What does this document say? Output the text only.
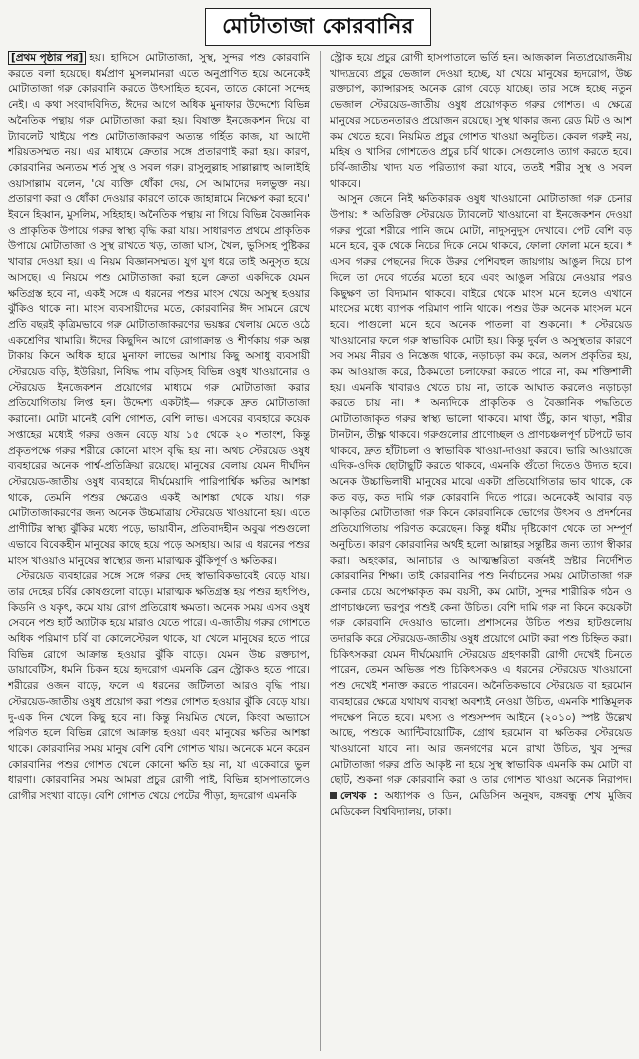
মোটাতাজা কোরবানির

[প্রথম পৃষ্ঠার পর] হয়। হাদিসে মোটাতাজা, সুস্থ, সুন্দর পশু কোরবানি করতে বলা হয়েছে। ধর্মপ্রাণ মুসলমানরা এতে অনুপ্রাণিত হয়ে অনেকেই মোটাতাজা গরু কোরবানি করতে উৎসাহিত হবেন, তাতে কোনো সন্দেহ নেই। এ কথা সংবাদবিদিত, ঈদের আগে অধিক মুনাফার উদ্দেশ্যে বিভিন্ন অনৈতিক পন্থায় গরু মোটাতাজা করা হয়। বিষাক্ত ইনজেকশন দিয়ে বা ট্যাবলেট খাইয়ে পশু মোটাতাজাকরণ অত্যন্ত গর্হিত কাজ, যা আদৌ শরিয়তসম্মত নয়। এর মাধ্যমে ক্রেতার সঙ্গে প্রতারণাই করা হয়। কারণ, কোরবানির অন্যতম শর্ত সুস্থ ও সবল গরু। রাসুলুল্লাহ সাল্লাল্লাহু আলাইহি ওয়াসাল্লাম বলেন, 'যে ব্যক্তি ধোঁকা দেয়, সে আমাদের দলভুক্ত নয়। প্রতারণা করা ও ধোঁকা দেওয়ার কারণে তাকে জাহান্নামে নিক্ষেপ করা হবে।' ইবনে হিব্বান, মুসলিম, সহিহাহ। অনৈতিক পন্থায় না গিয়ে বিভিন্ন বৈজ্ঞানিক ও প্রাকৃতিক উপায়ে গরুর স্বাস্থ্য বৃদ্ধি করা যায়। সাধারণত প্রথমে প্রাকৃতিক উপায়ে মোটাতাজা ও সুস্থ রাখতে খড়, তাজা ঘাস, খৈল, ভুসিসহ পুষ্টিকর খাবার দেওয়া হয়। এ নিয়ম বিজ্ঞানসম্মত। যুগ যুগ ধরে তাই অনুসৃত হয়ে আসছে। এ নিয়মে পশু মোটাতাজা করা হলে ক্রেতা একদিকে যেমন ক্ষতিগ্রস্ত হবে না, একই সঙ্গে এ ধরনের পশুর মাংস খেয়ে অসুস্থ হওয়ার ঝুঁকিও থাকে না। মাংস ব্যবসায়ীদের মতে, কোরবানির ঈদ সামনে রেখে প্রতি বছরই কৃত্রিমভাবে গরু মোটাতাজাকরণের ভয়ঙ্কর খেলায় মেতে ওঠে একশ্রেণির খামারি। ঈদের কিছুদিন আগে রোগাক্রান্ত ও শীর্ণকায় গরু অল্প টাকায় কিনে অধিক হারে মুনাফা লাভের আশায় কিছু অসাধু ব্যবসায়ী স্টেরয়েড বড়ি, ইউরিয়া, নিষিদ্ধ পাম বড়িসহ বিভিন্ন ওষুধ খাওয়ানোর ও স্টেরয়েড ইনজেকশন প্রয়োগের মাধ্যমে গরু মোটাতাজা করার প্রতিযোগিতায় লিপ্ত হন। উদ্দেশ্য একটাই— গরুকে দ্রুত মোটাতাজা করানো। মোটা মানেই বেশি গোশত, বেশি লাভ। এসবের ব্যবহারে কয়েক সপ্তাহের মধ্যেই গরুর ওজন বেড়ে যায় ১৫ থেকে ২০ শতাংশ, কিন্তু প্রকৃতপক্ষে গরুর শরীরে কোনো মাংস বৃদ্ধি হয় না। অথচ স্টেরয়েড ওষুধ ব্যবহারের অনেক পার্শ্ব-প্রতিক্রিয়া রয়েছে। মানুষের বেলায় যেমন দীর্ঘদিন স্টেরয়েড-জাতীয় ওষুধ ব্যবহারে দীর্ঘমেয়াদি পারিপার্শ্বিক ক্ষতির আশঙ্কা থাকে, তেমনি পশুর ক্ষেত্রেও একই আশঙ্কা থেকে যায়। গরু মোটাতাজাকরণের জন্য অনেক উচ্চমাত্রায় স্টেরয়েড খাওয়ানো হয়। এতে প্রাণীটির স্বাস্থ্য ঝুঁকির মধ্যে পড়ে, ভায়াবীন, প্রতিবাদহীন অবুঝ পশুগুলো এভাবে বিবেকহীন মানুষের কাছে হয়ে পড়ে অসহায়। আর এ ধরনের পশুর মাংস খাওয়াও মানুষের স্বাস্থ্যের জন্য মারাত্মক ঝুঁকিপূর্ণ ও ক্ষতিকর।

স্টেরয়েড ব্যবহারের সঙ্গে সঙ্গে গরুর দেহ স্বাভাবিকভাবেই বেড়ে যায়। তার দেহের চর্বির কোষগুলো বাড়ে। মারাত্মক ক্ষতিগ্রস্ত হয় পশুর হৃৎপিণ্ড, কিডনি ও যকৃৎ, কমে যায় রোগ প্রতিরোধ ক্ষমতা। অনেক সময় এসব ওষুধ সেবনে পশু হার্ট অ্যাটাক হয়ে মারাও যেতে পারে। এ-জাতীয় গরুর গোশতে অধিক পরিমাণ চর্বি বা কোলেস্টেরল থাকে, যা খেলে মানুষের হতে পারে বিভিন্ন রোগে আক্রান্ত হওয়ার ঝুঁকি বাড়ে। যেমন উচ্চ রক্তচাপ, ডায়াবেটিস, ধমনি চিকন হয়ে হৃদরোগ এমনকি ব্রেন স্ট্রোকও হতে পারে। শরীরের ওজন বাড়ে, ফলে এ ধরনের জটিলতা আরও বৃদ্ধি পায়। স্টেরয়েড-জাতীয় ওষুধ প্রয়োগ করা পশুর গোশত হওয়ার ঝুঁকি বেড়ে যায়। দু-এক দিন খেলে কিছু হবে না। কিন্তু নিয়মিত খেলে, কিংবা অভ্যাসে পরিণত হলে বিভিন্ন রোগে আক্রান্ত হওয়া এবং মানুষের ক্ষতির আশঙ্কা থাকে। কোরবানির সময় মানুষ বেশি বেশি গোশত খায়। অনেকে মনে করেন কোরবানির পশুর গোশত খেলে কোনো ক্ষতি হয় না, যা একেবারে ভুল ধারণা। কোরবানির সময় আমরা প্রচুর রোগী পাই, বিভিন্ন হাসপাতালেও রোগীর সংখ্যা বাড়ে। বেশি গোশত খেয়ে পেটের পীড়া, হৃদরোগ এমনকি

স্ট্রোক হয়ে প্রচুর রোগী হাসপাতালে ভর্তি হন। আজকাল নিত্যপ্রয়োজনীয় খাদ্যদ্রব্যে প্রচুর ভেজাল দেওয়া হচ্ছে, যা খেয়ে মানুষের হৃদরোগ, উচ্চ রক্তচাপ, ক্যান্সারসহ অনেক রোগ বেড়ে যাচ্ছে। তার সঙ্গে হচ্ছে নতুন ভেজাল স্টেরয়েড-জাতীয় ওষুধ প্রয়োগকৃত গরুর গোশত। এ ক্ষেত্রে মানুষের সচেতনতারও প্রয়োজন রয়েছে। সুস্থ থাকার জন্য রেড মিট ও আশ কম খেতে হবে। নিয়মিত প্রচুর গোশত খাওয়া অনুচিত। কেবল গরুই নয়, মহিষ ও খাসির গোশতেও প্রচুর চর্বি থাকে। সেগুলোও ত্যাগ করতে হবে। চর্বি-জাতীয় খাদ্য যত পরিত্যাগ করা যাবে, ততই শরীর সুস্থ ও সবল থাকবে।

আসুন জেনে নিই ক্ষতিকারক ওষুধ খাওয়ানো মোটাতাজা গরু চেনার উপায়: * অতিরিক্ত স্টেরয়েড ট্যাবলেট খাওয়ানো বা ইনজেকশন দেওয়া গরুর পুরো শরীরে পানি জমে মোটা, নাদুসনুদুস দেখাবে। পেট বেশি বড় মনে হবে, বুক থেকে নিচের দিকে নেমে থাকবে, ফোলা ফোলা মনে হবে। * এসব গরুর পেছনের দিকে উরুর পেশিবহুল জায়গায় আঙুল দিয়ে চাপ দিলে তা দেবে গর্তের মতো হবে এবং আঙুল সরিয়ে নেওয়ার পরও কিছুক্ষণ তা বিদ্যমান থাকবে। বাইরে থেকে মাংস মনে হলেও এখানে মাংসের মধ্যে ব্যাপক পরিমাণ পানি থাকে। পশুর উরু অনেক মাংসল মনে হবে। পাগুলো মনে হবে অনেক পাতলা বা শুকনো। * স্টেরয়েড খাওয়ানোর ফলে গরু স্বাভাবিক মোটা হয়। কিন্তু দুর্বল ও অসুস্থতার কারণে সব সময় নীরব ও নিস্তেজ থাকে, নড়াচড়া কম করে, অলস প্রকৃতির হয়, কম আওয়াজ করে, ঠিকমতো চলাফেরা করতে পারে না, কম শক্তিশালী হয়। এমনকি খাবারও খেতে চায় না, তাকে আঘাত করলেও নড়াচড়া করতে চায় না। * অন্যদিকে প্রাকৃতিক ও বৈজ্ঞানিক পদ্ধতিতে মোটাতাজাকৃত গরুর স্বাস্থ্য ভালো থাকবে। মাথা উঁচু, কান খাড়া, শরীর টানটান, তীক্ষ্ণ থাকবে। গরুগুলোর প্রাণোচ্ছল ও প্রাণচঞ্চলপূর্ণ চটপটে ভাব থাকবে, দ্রুত হাঁটাচলা ও স্বাভাবিক খাওয়া-দাওয়া করবে। ভারি আওয়াজে এদিক-ওদিক ছোটাছুটি করতে থাকবে, এমনকি গুঁতো দিতেও উদ্যত হবে। অনেক উচ্চাভিলাষী মানুষের মাঝে একটা প্রতিযোগিতার ভাব থাকে, কে কত বড়, কত দামি গরু কোরবানি দিতে পারে। অনেকেই আবার বড় আকৃতির মোটাতাজা গরু কিনে কোরবানিকে ভোগের উৎসব ও প্রদর্শনের প্রতিযোগিতায় পরিণত করেছেন। কিন্তু ধর্মীয় দৃষ্টিকোণ থেকে তা সম্পূর্ণ অনুচিত। কারণ কোরবানির অর্থই হলো আল্লাহর সন্তুষ্টির জন্য ত্যাগ স্বীকার করা। অহংকার, আনাচার ও আত্মম্ভরিতা বর্জনই স্রষ্টার নির্দেশিত কোরবানির শিক্ষা। তাই কোরবানির পশু নির্বাচনের সময় মোটাতাজা গরু কেনার চেয়ে অপেক্ষাকৃত কম বয়সী, কম মোটা, সুন্দর শারীরিক গঠন ও প্রাণচাঞ্চল্যে ভরপুর পশুই কেনা উচিত। বেশি দামি গরু না কিনে কয়েকটা গরু কোরবানি দেওয়াও ভালো। প্রশাসনের উচিত পশুর হাটগুলোয় তদারকি করে স্টেরয়েড-জাতীয় ওষুধ প্রয়োগে মোটা করা পশু চিহ্নিত করা। চিকিৎসকরা যেমন দীর্ঘমেয়াদি স্টেরয়েড গ্রহণকারী রোগী দেখেই চিনতে পারেন, তেমন অভিজ্ঞ পশু চিকিৎসকও এ ধরনের স্টেরয়েড খাওয়ানো পশু দেখেই শনাক্ত করতে পারবেন। অনৈতিকভাবে স্টেরয়েড বা হরমোন ব্যবহারের ক্ষেত্রে যথাযথ ব্যবস্থা অবশ্যই নেওয়া উচিত, এমনকি শাস্তিমূলক পদক্ষেপ নিতে হবে। মৎস্য ও পশুসম্পদ আইনে (২০১০) স্পষ্ট উল্লেখ আছে, পশুকে অ্যান্টিবায়োটিক, গ্রোথ হরমোন বা ক্ষতিকর স্টেরয়েড খাওয়ানো যাবে না। আর জনগণের মনে রাখা উচিত, খুব সুন্দর মোটাতাজা গরুর প্রতি আকৃষ্ট না হয়ে সুস্থ স্বাভাবিক এমনকি কম মোটা বা ছোট, শুকনা গরু কোরবানি করা ও তার গোশত খাওয়া অনেক নিরাপদ। লেখক : অধ্যাপক ও ডিন, মেডিসিন অনুষদ, বঙ্গবন্ধু শেখ মুজিব মেডিকেল বিশ্ববিদ্যালয়, ঢাকা।
